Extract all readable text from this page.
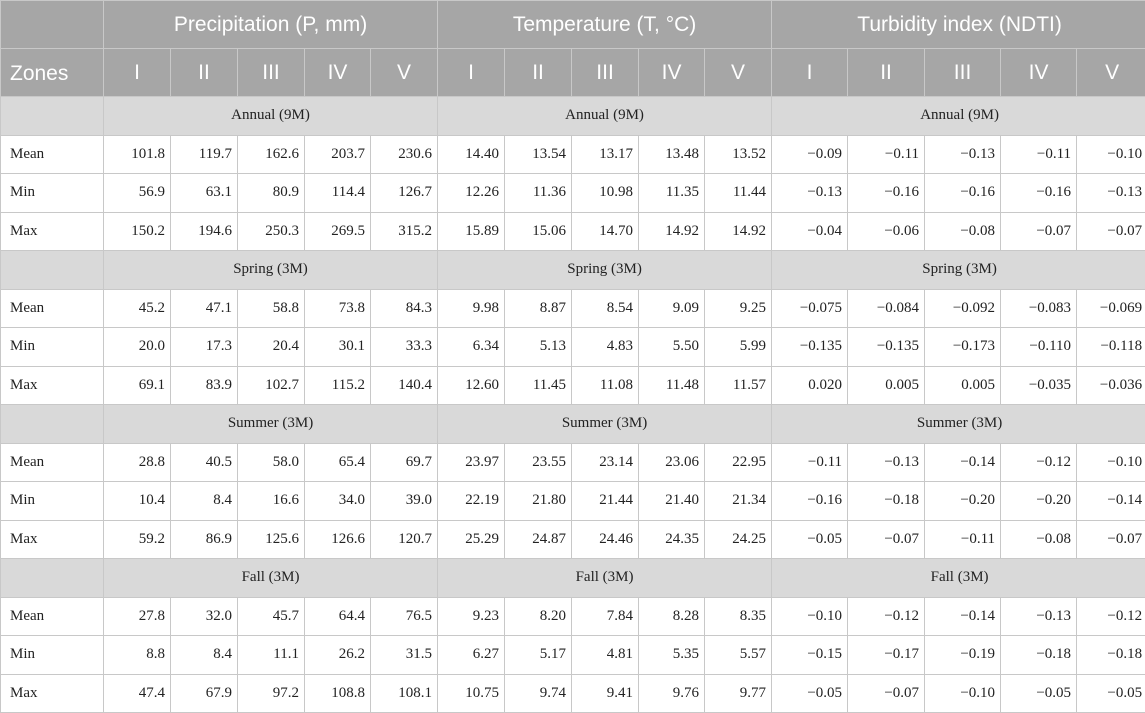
	Precipitation (P, mm)					Temperature (T, °C)					Turbidity index (NDTI)				
Zones	I	II	III	IV	V	I	II	III	IV	V	I	II	III	IV	V
	Annual (9M)					Annual (9M)					Annual (9M)				
Mean	101.8	119.7	162.6	203.7	230.6	14.40	13.54	13.17	13.48	13.52	−0.09	−0.11	−0.13	−0.11	−0.10
Min	56.9	63.1	80.9	114.4	126.7	12.26	11.36	10.98	11.35	11.44	−0.13	−0.16	−0.16	−0.16	−0.13
Max	150.2	194.6	250.3	269.5	315.2	15.89	15.06	14.70	14.92	14.92	−0.04	−0.06	−0.08	−0.07	−0.07
	Spring (3M)					Spring (3M)					Spring (3M)				
Mean	45.2	47.1	58.8	73.8	84.3	9.98	8.87	8.54	9.09	9.25	−0.075	−0.084	−0.092	−0.083	−0.069
Min	20.0	17.3	20.4	30.1	33.3	6.34	5.13	4.83	5.50	5.99	−0.135	−0.135	−0.173	−0.110	−0.118
Max	69.1	83.9	102.7	115.2	140.4	12.60	11.45	11.08	11.48	11.57	0.020	0.005	0.005	−0.035	−0.036
	Summer (3M)					Summer (3M)					Summer (3M)				
Mean	28.8	40.5	58.0	65.4	69.7	23.97	23.55	23.14	23.06	22.95	−0.11	−0.13	−0.14	−0.12	−0.10
Min	10.4	8.4	16.6	34.0	39.0	22.19	21.80	21.44	21.40	21.34	−0.16	−0.18	−0.20	−0.20	−0.14
Max	59.2	86.9	125.6	126.6	120.7	25.29	24.87	24.46	24.35	24.25	−0.05	−0.07	−0.11	−0.08	−0.07
	Fall (3M)					Fall (3M)					Fall (3M)				
Mean	27.8	32.0	45.7	64.4	76.5	9.23	8.20	7.84	8.28	8.35	−0.10	−0.12	−0.14	−0.13	−0.12
Min	8.8	8.4	11.1	26.2	31.5	6.27	5.17	4.81	5.35	5.57	−0.15	−0.17	−0.19	−0.18	−0.18
Max	47.4	67.9	97.2	108.8	108.1	10.75	9.74	9.41	9.76	9.77	−0.05	−0.07	−0.10	−0.05	−0.05
